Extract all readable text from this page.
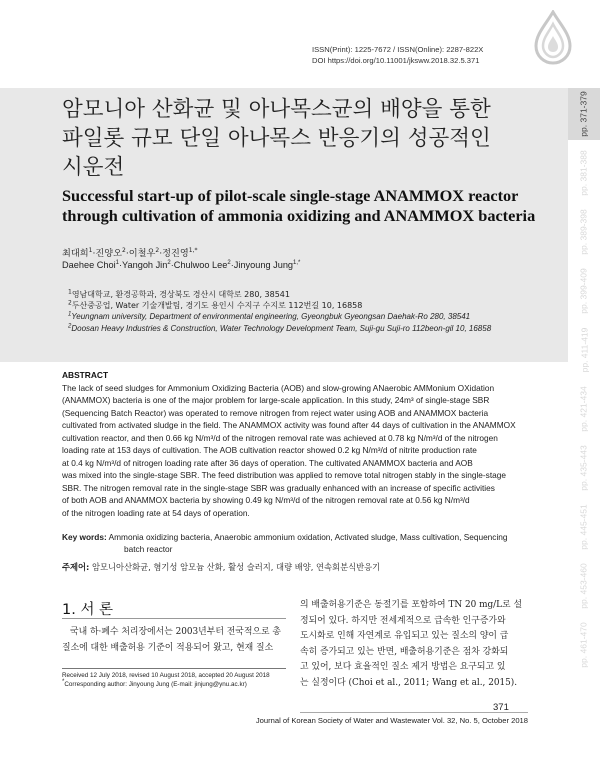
ISSN(Print): 1225-7672 / ISSN(Online): 2287-822X
DOI https://doi.org/10.11001/jksww.2018.32.5.371
pp. 371-379
pp. 381-388
pp. 389-398
pp. 399-409
pp. 411-419
pp. 421-434
pp. 435-443
pp. 445-451
pp. 453-460
pp. 461-470
암모니아 산화균 및 아나목스균의 배양을 통한
파일롯 규모 단일 아나목스 반응기의 성공적인
시운전
Successful start-up of pilot-scale single-stage ANAMMOX reactor
through cultivation of ammonia oxidizing and ANAMMOX bacteria
최대희$^1$·진양오$^2$·이철우$^2$·정진영$^{1,*}$
Daehee Choi$^1$·Yangoh Jin$^2$·Chulwoo Lee$^2$·Jinyoung Jung$^{1,*}$
$^1$영남대학교, 환경공학과, 경상북도 경산시 대학로 280, 38541
$^2$두산중공업, Water 기술개발팀, 경기도 용인시 수지구 수지로 112번길 10, 16858
$^1$Yeungnam university, Department of environmental engineering, Gyeongbuk Gyeongsan Daehak-Ro 280, 38541
$^2$Doosan Heavy Industries & Construction, Water Technology Development Team, Suji-gu Suji-ro 112beon-gil 10, 16858
ABSTRACT
The lack of seed sludges for Ammonium Oxidizing Bacteria (AOB) and slow-growing ANaerobic AMMonium OXidation
(ANAMMOX) bacteria is one of the major problem for large-scale application. In this study, 24m³ of single-stage SBR
(Sequencing Batch Reactor) was operated to remove nitrogen from reject water using AOB and ANAMMOX bacteria
cultivated from activated sludge in the field. The ANAMMOX activity was found after 44 days of cultivation in the ANAMMOX
cultivation reactor, and then 0.66 kg N/m³/d of the nitrogen removal rate was achieved at 0.78 kg N/m³/d of the nitrogen
loading rate at 153 days of cultivation. The AOB cultivation reactor showed 0.2 kg N/m³/d of nitrite production rate
at 0.4 kg N/m³/d of nitrogen loading rate after 36 days of operation. The cultivated ANAMMOX bacteria and AOB
was mixed into the single-stage SBR. The feed distribution was applied to remove total nitrogen stably in the single-stage
SBR. The nitrogen removal rate in the single-stage SBR was gradually enhanced with an increase of specific activities
of both AOB and ANAMMOX bacteria by showing 0.49 kg N/m³/d of the nitrogen removal rate at 0.56 kg N/m³/d
of the nitrogen loading rate at 54 days of operation.
Key words: Ammonia oxidizing bacteria, Anaerobic ammonium oxidation, Activated sludge, Mass cultivation, Sequencing
batch reactor
주제어: 암모니아산화균, 혐기성 암모늄 산화, 활성 슬러지, 대량 배양, 연속회분식반응기
1. 서 론
국내 하·폐수 처리장에서는 2003년부터 전국적으로 총
질소에 대한 배출허용 기준이 적용되어 왔고, 현재 질소
의 배출허용기준은 동절기를 포함하여 TN 20 mg/L로 설
정되어 있다. 하지만 전세계적으로 급속한 인구증가와
도시화로 인해 자연계로 유입되고 있는 질소의 양이 급
속히 증가되고 있는 반면, 배출허용기준은 점차 강화되
고 있어, 보다 효율적인 질소 제거 방법은 요구되고 있
는 실정이다 (Choi et al., 2011; Wang et al., 2015).
Received 12 July 2018, revised 10 August 2018, accepted 20 August 2018
*Corresponding author: Jinyoung Jung (E-mail: jinjung@ynu.ac.kr)
371
Journal of Korean Society of Water and Wastewater Vol. 32, No. 5, October 2018
